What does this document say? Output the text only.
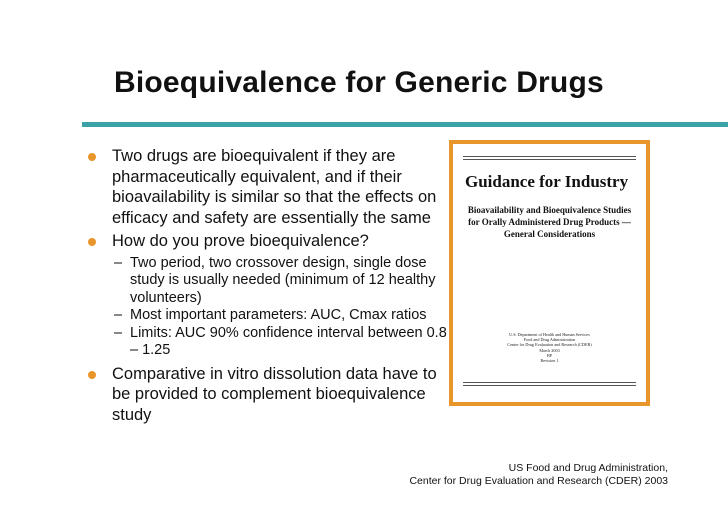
Bioequivalence for Generic Drugs
Two drugs are bioequivalent if they are pharmaceutically equivalent, and if their bioavailability is similar so that the effects on efficacy and safety are essentially the same
How do you prove bioequivalence?
– Two period, two crossover design, single dose study is usually needed (minimum of 12 healthy volunteers)
– Most important parameters: AUC, Cmax ratios
– Limits: AUC 90% confidence interval between 0.8 – 1.25
Comparative in vitro dissolution data have to be provided to complement bioequivalence study
Guidance for Industry
Bioavailability and Bioequivalence Studies for Orally Administered Drug Products — General Considerations
U.S. Department of Health and Human Services
Food and Drug Administration
Center for Drug Evaluation and Research (CDER)
March 2003
BP
Revision 1
US Food and Drug Administration,
Center for Drug Evaluation and Research (CDER) 2003
